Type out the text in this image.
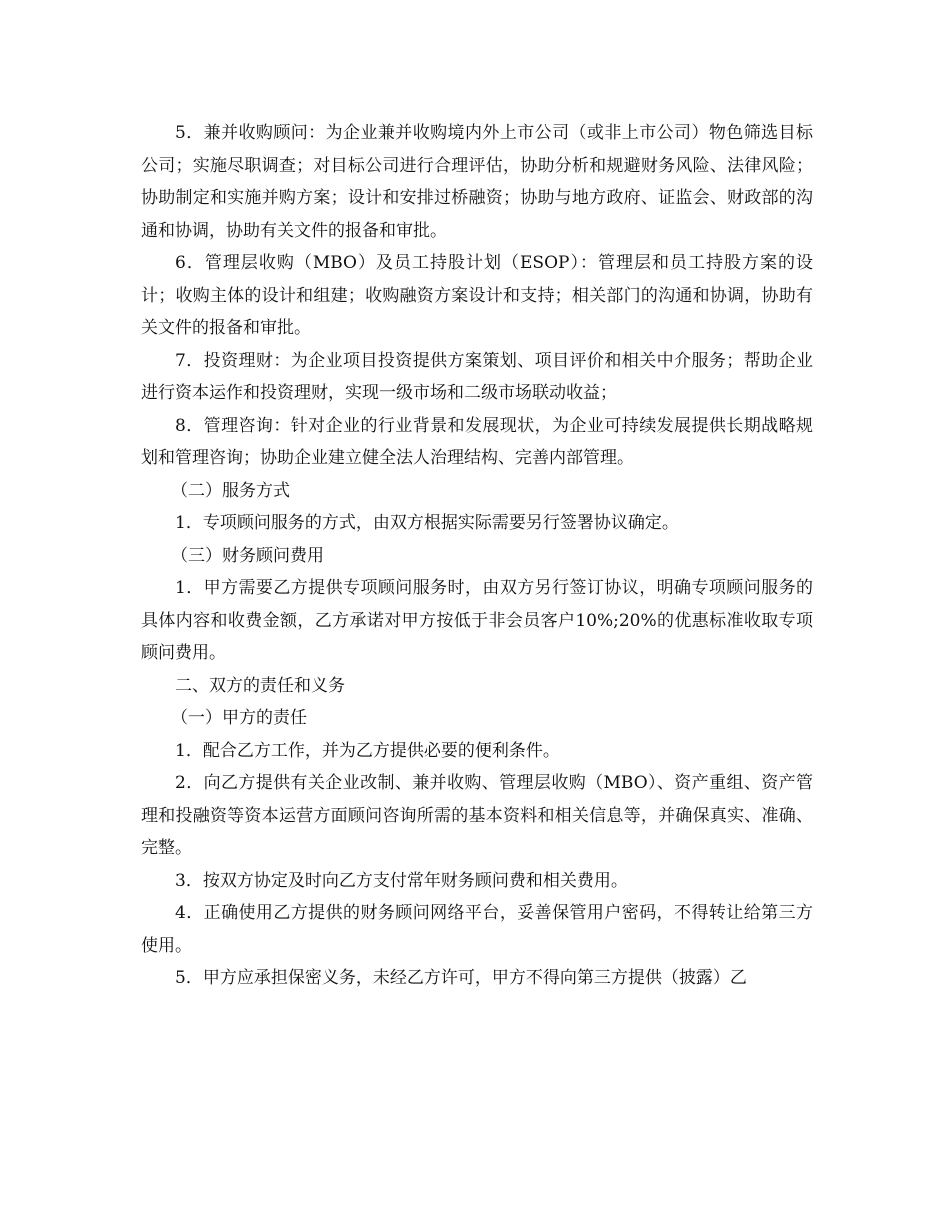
5．兼并收购顾问：为企业兼并收购境内外上市公司（或非上市公司）物色筛选目标公司；实施尽职调查；对目标公司进行合理评估，协助分析和规避财务风险、法律风险；协助制定和实施并购方案；设计和安排过桥融资；协助与地方政府、证监会、财政部的沟通和协调，协助有关文件的报备和审批。

6．管理层收购（MBO）及员工持股计划（ESOP）：管理层和员工持股方案的设计；收购主体的设计和组建；收购融资方案设计和支持；相关部门的沟通和协调，协助有关文件的报备和审批。

7．投资理财：为企业项目投资提供方案策划、项目评价和相关中介服务；帮助企业进行资本运作和投资理财，实现一级市场和二级市场联动收益；

8．管理咨询：针对企业的行业背景和发展现状，为企业可持续发展提供长期战略规划和管理咨询；协助企业建立健全法人治理结构、完善内部管理。

（二）服务方式

1．专项顾问服务的方式，由双方根据实际需要另行签署协议确定。

（三）财务顾问费用

1．甲方需要乙方提供专项顾问服务时，由双方另行签订协议，明确专项顾问服务的具体内容和收费金额，乙方承诺对甲方按低于非会员客户10%;20%的优惠标准收取专项顾问费用。

二、双方的责任和义务

（一）甲方的责任

1．配合乙方工作，并为乙方提供必要的便利条件。

2．向乙方提供有关企业改制、兼并收购、管理层收购（MBO）、资产重组、资产管理和投融资等资本运营方面顾问咨询所需的基本资料和相关信息等，并确保真实、准确、完整。

3．按双方协定及时向乙方支付常年财务顾问费和相关费用。

4．正确使用乙方提供的财务顾问网络平台，妥善保管用户密码，不得转让给第三方使用。

5．甲方应承担保密义务，未经乙方许可，甲方不得向第三方提供（披露）乙
